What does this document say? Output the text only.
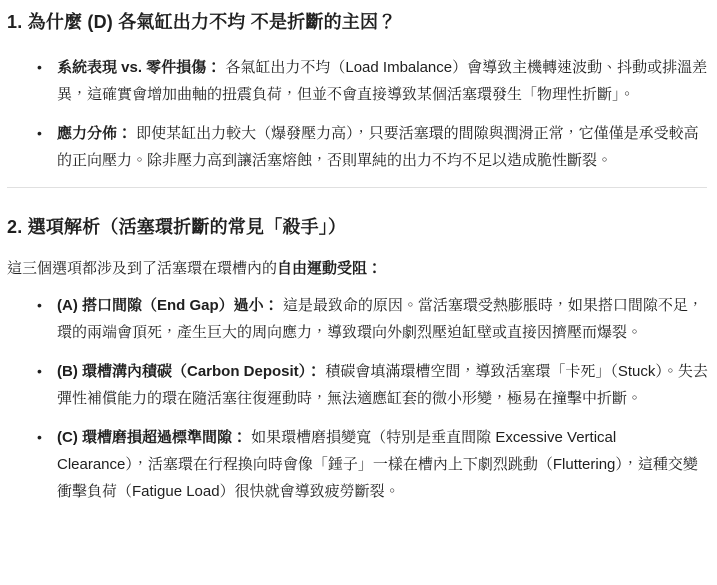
1. 為什麼 (D) 各氣缸出力不均 不是折斷的主因？
• 系統表現 vs. 零件損傷： 各氣缸出力不均（Load Imbalance）會導致主機轉速波動、抖動或排溫差異，這確實會增加曲軸的扭震負荷，但並不會直接導致某個活塞環發生「物理性折斷」。
• 應力分佈： 即使某缸出力較大（爆發壓力高），只要活塞環的間隙與潤滑正常，它僅僅是承受較高的正向壓力。除非壓力高到讓活塞熔蝕，否則單純的出力不均不足以造成脆性斷裂。
2. 選項解析（活塞環折斷的常見「殺手」）

這三個選項都涉及到了活塞環在環槽內的自由運動受阻：

• (A) 搭口間隙（End Gap）過小： 這是最致命的原因。當活塞環受熱膨脹時，如果搭口間隙不足，環的兩端會頂死，產生巨大的周向應力，導致環向外劇烈壓迫缸壁或直接因擠壓而爆裂。
• (B) 環槽溝內積碳（Carbon Deposit）： 積碳會填滿環槽空間，導致活塞環「卡死」（Stuck）。失去彈性補償能力的環在隨活塞往復運動時，無法適應缸套的微小形變，極易在撞擊中折斷。
• (C) 環槽磨損超過標準間隙： 如果環槽磨損變寬（特別是垂直間隙 Excessive Vertical Clearance），活塞環在行程換向時會像「錘子」一樣在槽內上下劇烈跳動（Fluttering），這種交變衝擊負荷（Fatigue Load）很快就會導致疲勞斷裂。
